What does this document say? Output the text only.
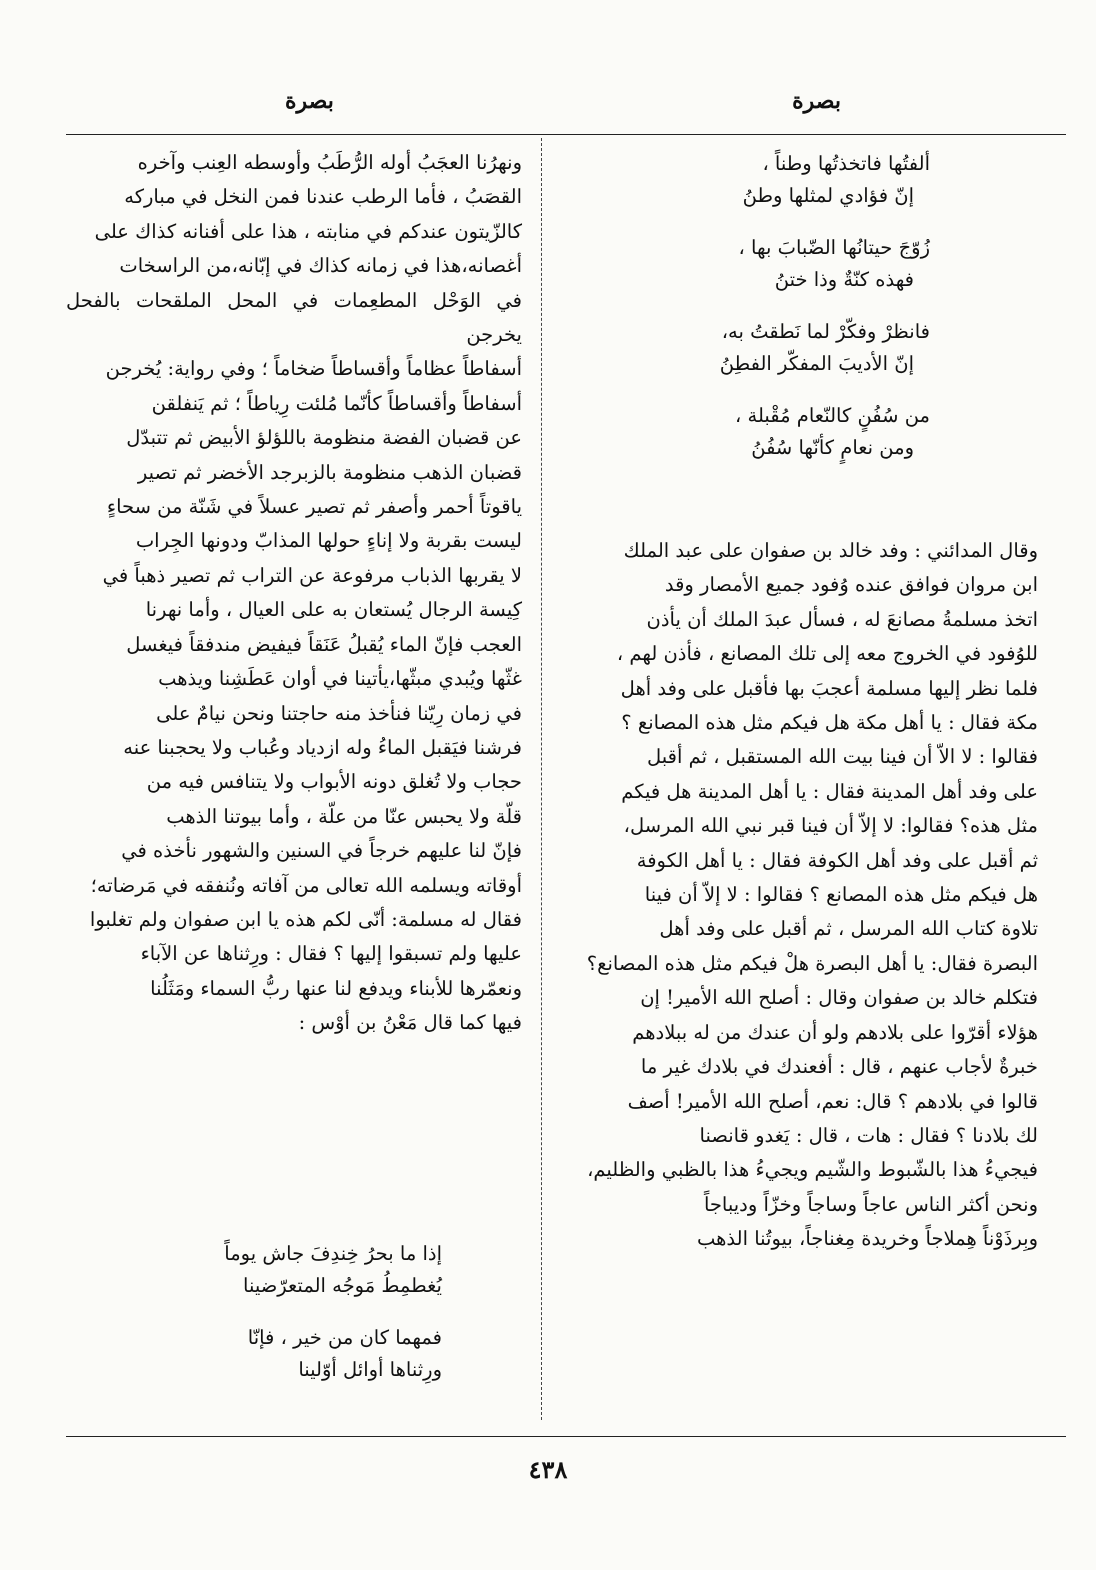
بصرة
بصرة
ألفتُها فاتخذتُها وطناً ،
إنّ فؤادي لمثلها وطنُ
زُوّجَ حيتانُها الضّبابَ بها ،
فهذه كنّةٌ وذا ختنُ
فانظرْ وفكّرْ لما نَطقتُ به،
إنّ الأديبَ المفكّر الفطِنُ
من سُفُنٍ كالنّعام مُقْبلة ،
ومن نعامٍ كأنّها سُفُنُ

وقال المدائني : وفد خالد بن صفوان على عبد الملك

ابن مروان فوافق عنده وُفود جميع الأمصار وقد

اتخذ مسلمةُ مصانعَ له ، فسأل عبدَ الملك أن يأذن

للوُفود في الخروج معه إلى تلك المصانع ، فأذن لهم ،

فلما نظر إليها مسلمة أعجبَ بها فأقبل على وفد أهل

مكة فقال : يا أهل مكة هل فيكم مثل هذه المصانع ؟

فقالوا : لا الاّ أن فينا بيت الله المستقبل ، ثم أقبل

على وفد أهل المدينة فقال : يا أهل المدينة هل فيكم

مثل هذه؟ فقالوا: لا إلاّ أن فينا قبر نبي الله المرسل،

ثم أقبل على وفد أهل الكوفة فقال : يا أهل الكوفة

هل فيكم مثل هذه المصانع ؟ فقالوا : لا إلاّ أن فينا

تلاوة كتاب الله المرسل ، ثم أقبل على وفد أهل

البصرة فقال: يا أهل البصرة هلْ فيكم مثل هذه المصانع؟

فتكلم خالد بن صفوان وقال : أصلح الله الأمير! إن

هؤلاء أقرّوا على بلادهم ولو أن عندك من له ببلادهم

خبرةٌ لأجاب عنهم ، قال : أفعندك في بلادك غير ما

قالوا في بلادهم ؟ قال: نعم، أصلح الله الأمير! أصف

لك بلادنا ؟ فقال : هات ، قال : يَغدو قانصنا

فيجيءُ هذا بالشّبوط والشّيم ويجيءُ هذا بالظبي والظليم،

ونحن أكثر الناس عاجاً وساجاً وخزّاً وديباجاً

وبِرذَوْناً هِملاجاً وخريدة مِغناجاً، بيوتُنا الذهب

ونهرُنا العجَبُ أوله الرُّطَبُ وأوسطه العِنب وآخره

القصَبُ ، فأما الرطب عندنا فمن النخل في مباركه

كالزّيتون عندكم في منابته ، هذا على أفنانه كذاك على

أغصانه،هذا في زمانه كذاك في إبّانه،من الراسخات

في الوَحْل المطعِمات في المحل الملقحات بالفحل يخرجن

أسفاطاً عظاماً وأقساطاً ضخاماً ؛ وفي رواية: يُخرجن

أسفاطاً وأقساطاً كأنّما مُلئت رِياطاً ؛ ثم يَنفلقن

عن قضبان الفضة منظومة باللؤلؤ الأبيض ثم تتبدّل

قضبان الذهب منظومة بالزبرجد الأخضر ثم تصير

ياقوتاً أحمر وأصفر ثم تصير عسلاً في شَنّة من سحاءٍ

ليست بقربة ولا إناءٍ حولها المذابّ ودونها الجِراب

لا يقربها الذباب مرفوعة عن التراب ثم تصير ذهباً في

كِيسة الرجال يُستعان به على العيال ، وأما نهرنا

العجب فإنّ الماء يُقبلُ عَنَقاً فيفيض مندفقاً فيغسل

غثّها ويُبدي مبثّها،يأتينا في أوان عَطَشِنا ويذهب

في زمان رِيّنا فنأخذ منه حاجتنا ونحن نيامٌ على

فرشنا فيَقبل الماءُ وله ازدياد وعُباب ولا يحجبنا عنه

حجاب ولا تُغلق دونه الأبواب ولا يتنافس فيه من

قلّة ولا يحبس عنّا من علّة ، وأما بيوتنا الذهب

فإنّ لنا عليهم خرجاً في السنين والشهور نأخذه في

أوقاته ويسلمه الله تعالى من آفاته ونُنفقه في مَرضاته؛

فقال له مسلمة: أنّى لكم هذه يا ابن صفوان ولم تغلبوا

عليها ولم تسبقوا إليها ؟ فقال : ورِثناها عن الآباء

ونعمّرها للأبناء ويدفع لنا عنها ربُّ السماء ومَثَلُنا

فيها كما قال مَعْنُ بن أوْس :

إذا ما بحرُ خِندِفَ جاش يوماً
يُغطمِطُ مَوجُه المتعرّضينا
فمهما كان من خير ، فإنّا
ورِثناها أوائل أوّلينا
٤٣٨
